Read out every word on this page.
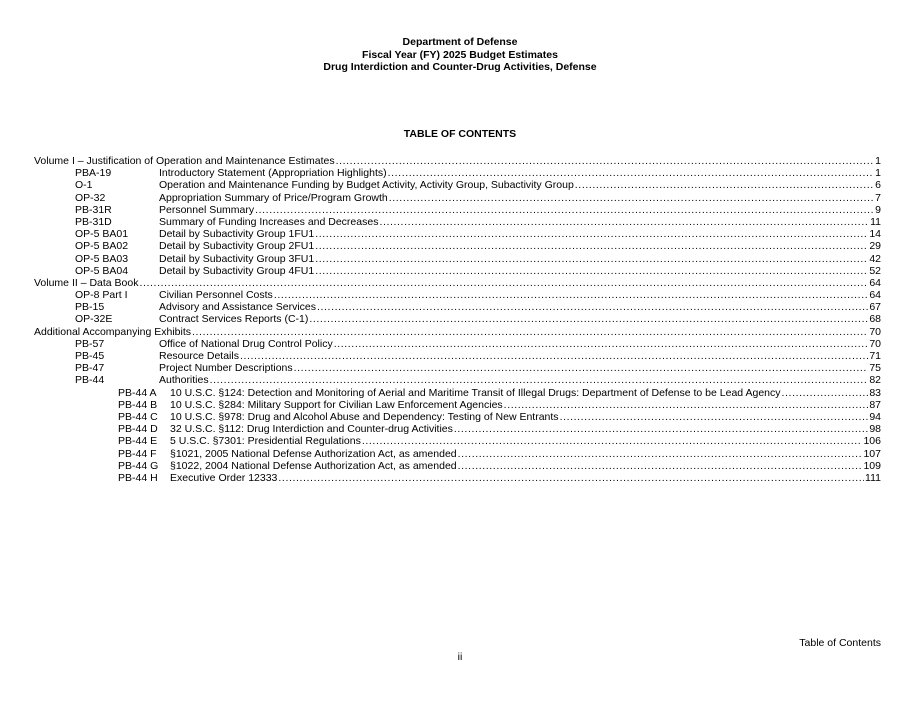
Department of Defense
Fiscal Year (FY) 2025 Budget Estimates
Drug Interdiction and Counter-Drug Activities, Defense
TABLE OF CONTENTS
Volume I – Justification of Operation and Maintenance Estimates .....	1
PBA-19	Introductory Statement (Appropriation Highlights) .....	1
O-1	Operation and Maintenance Funding by Budget Activity, Activity Group, Subactivity Group .....	6
OP-32	Appropriation Summary of Price/Program Growth .....	7
PB-31R	Personnel Summary .....	9
PB-31D	Summary of Funding Increases and Decreases .....	11
OP-5 BA01	Detail by Subactivity Group 1FU1 .....	14
OP-5 BA02	Detail by Subactivity Group 2FU1 .....	29
OP-5 BA03	Detail by Subactivity Group 3FU1 .....	42
OP-5 BA04	Detail by Subactivity Group 4FU1 .....	52
Volume II – Data Book .....	64
OP-8 Part I	Civilian Personnel Costs .....	64
PB-15	Advisory and Assistance Services .....	67
OP-32E	Contract Services Reports (C-1) .....	68
Additional Accompanying Exhibits .....	70
PB-57	Office of National Drug Control Policy .....	70
PB-45	Resource Details .....	71
PB-47	Project Number Descriptions .....	75
PB-44	Authorities .....	82
PB-44 A	10 U.S.C. §124: Detection and Monitoring of Aerial and Maritime Transit of Illegal Drugs: Department of Defense to be Lead Agency .....	83
PB-44 B	10 U.S.C. §284: Military Support for Civilian Law Enforcement Agencies .....	87
PB-44 C	10 U.S.C. §978: Drug and Alcohol Abuse and Dependency: Testing of New Entrants .....	94
PB-44 D	32 U.S.C. §112: Drug Interdiction and Counter-drug Activities .....	98
PB-44 E	5 U.S.C. §7301: Presidential Regulations .....	106
PB-44 F	§1021, 2005 National Defense Authorization Act, as amended .....	107
PB-44 G	§1022, 2004 National Defense Authorization Act, as amended .....	109
PB-44 H	Executive Order 12333 .....	111
Table of Contents
ii
